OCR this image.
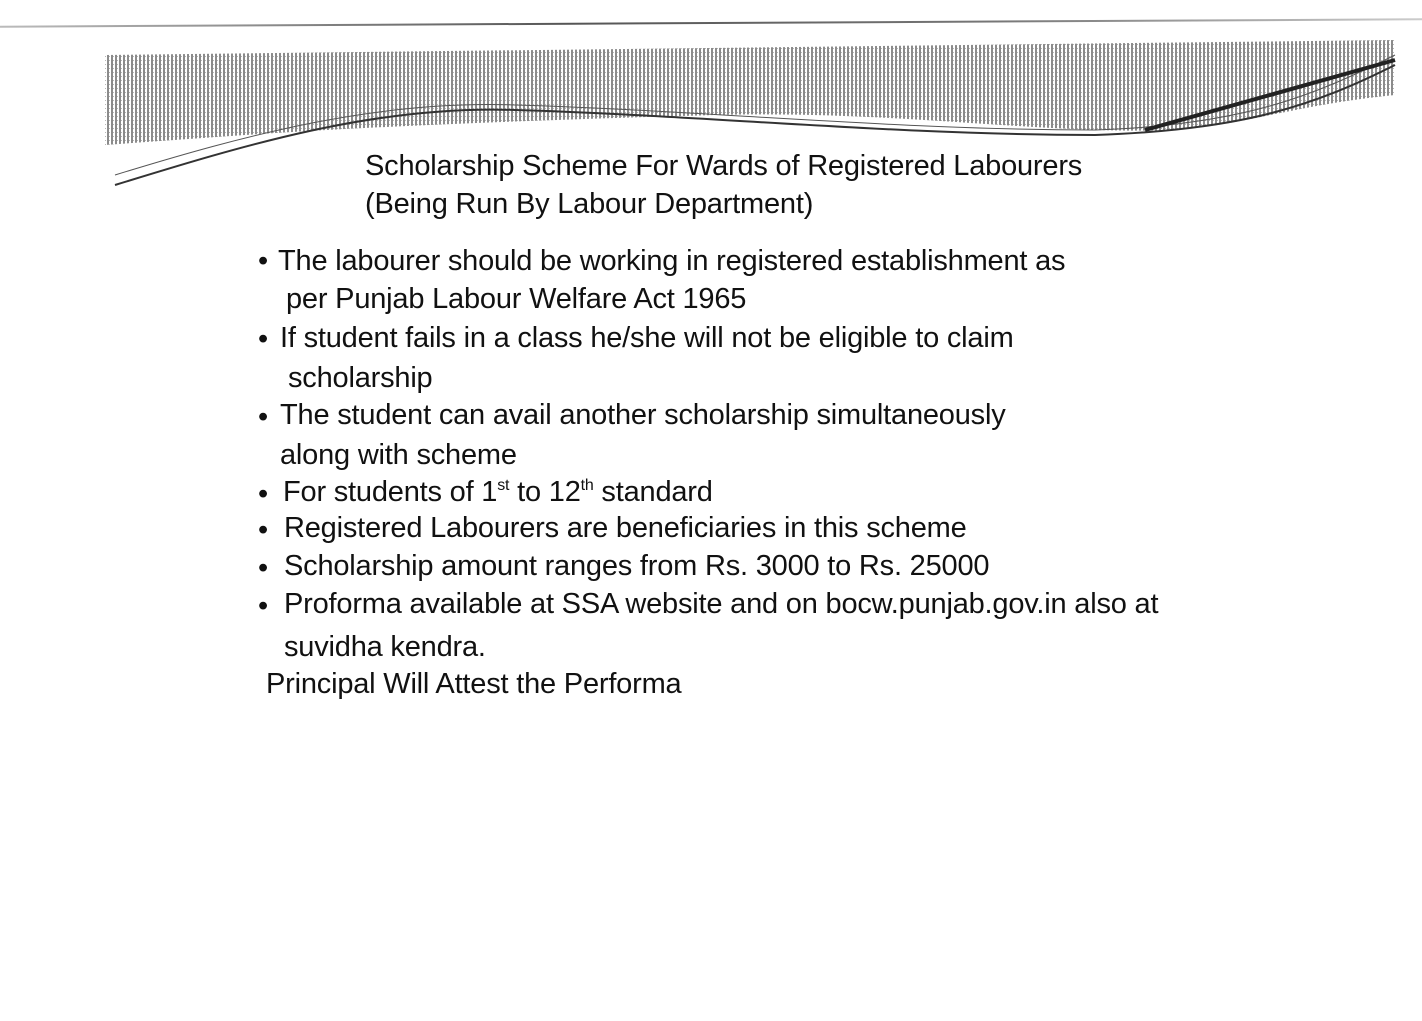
Scholarship Scheme For Wards of Registered Labourers
(Being Run By Labour Department)
• The labourer should be working in registered establishment as
per Punjab Labour Welfare Act 1965
• If student fails in a class he/she will not be eligible to claim
scholarship
• The student can avail another scholarship simultaneously
along with scheme
• For students of 1st to 12th standard
• Registered Labourers are beneficiaries in this scheme
• Scholarship amount ranges from Rs. 3000 to Rs. 25000
• Proforma available at SSA website and on bocw.punjab.gov.in also at
suvidha kendra.
Principal Will Attest the Performa
